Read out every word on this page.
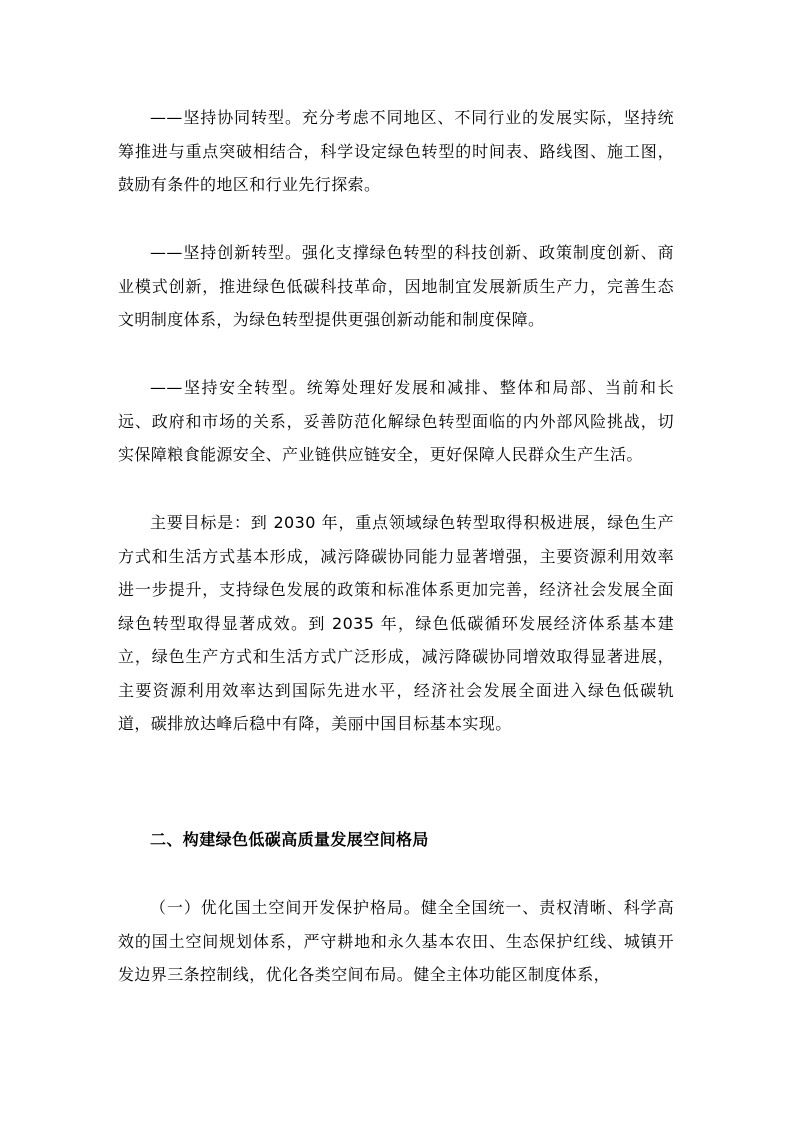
——坚持协同转型。充分考虑不同地区、不同行业的发展实际，坚持统筹推进与重点突破相结合，科学设定绿色转型的时间表、路线图、施工图，鼓励有条件的地区和行业先行探索。

——坚持创新转型。强化支撑绿色转型的科技创新、政策制度创新、商业模式创新，推进绿色低碳科技革命，因地制宜发展新质生产力，完善生态文明制度体系，为绿色转型提供更强创新动能和制度保障。

——坚持安全转型。统筹处理好发展和减排、整体和局部、当前和长远、政府和市场的关系，妥善防范化解绿色转型面临的内外部风险挑战，切实保障粮食能源安全、产业链供应链安全，更好保障人民群众生产生活。

主要目标是：到 2030 年，重点领域绿色转型取得积极进展，绿色生产方式和生活方式基本形成，减污降碳协同能力显著增强，主要资源利用效率进一步提升，支持绿色发展的政策和标准体系更加完善，经济社会发展全面绿色转型取得显著成效。到 2035 年，绿色低碳循环发展经济体系基本建立，绿色生产方式和生活方式广泛形成，减污降碳协同增效取得显著进展，主要资源利用效率达到国际先进水平，经济社会发展全面进入绿色低碳轨道，碳排放达峰后稳中有降，美丽中国目标基本实现。

二、构建绿色低碳高质量发展空间格局

（一）优化国土空间开发保护格局。健全全国统一、责权清晰、科学高效的国土空间规划体系，严守耕地和永久基本农田、生态保护红线、城镇开发边界三条控制线，优化各类空间布局。健全主体功能区制度体系，
